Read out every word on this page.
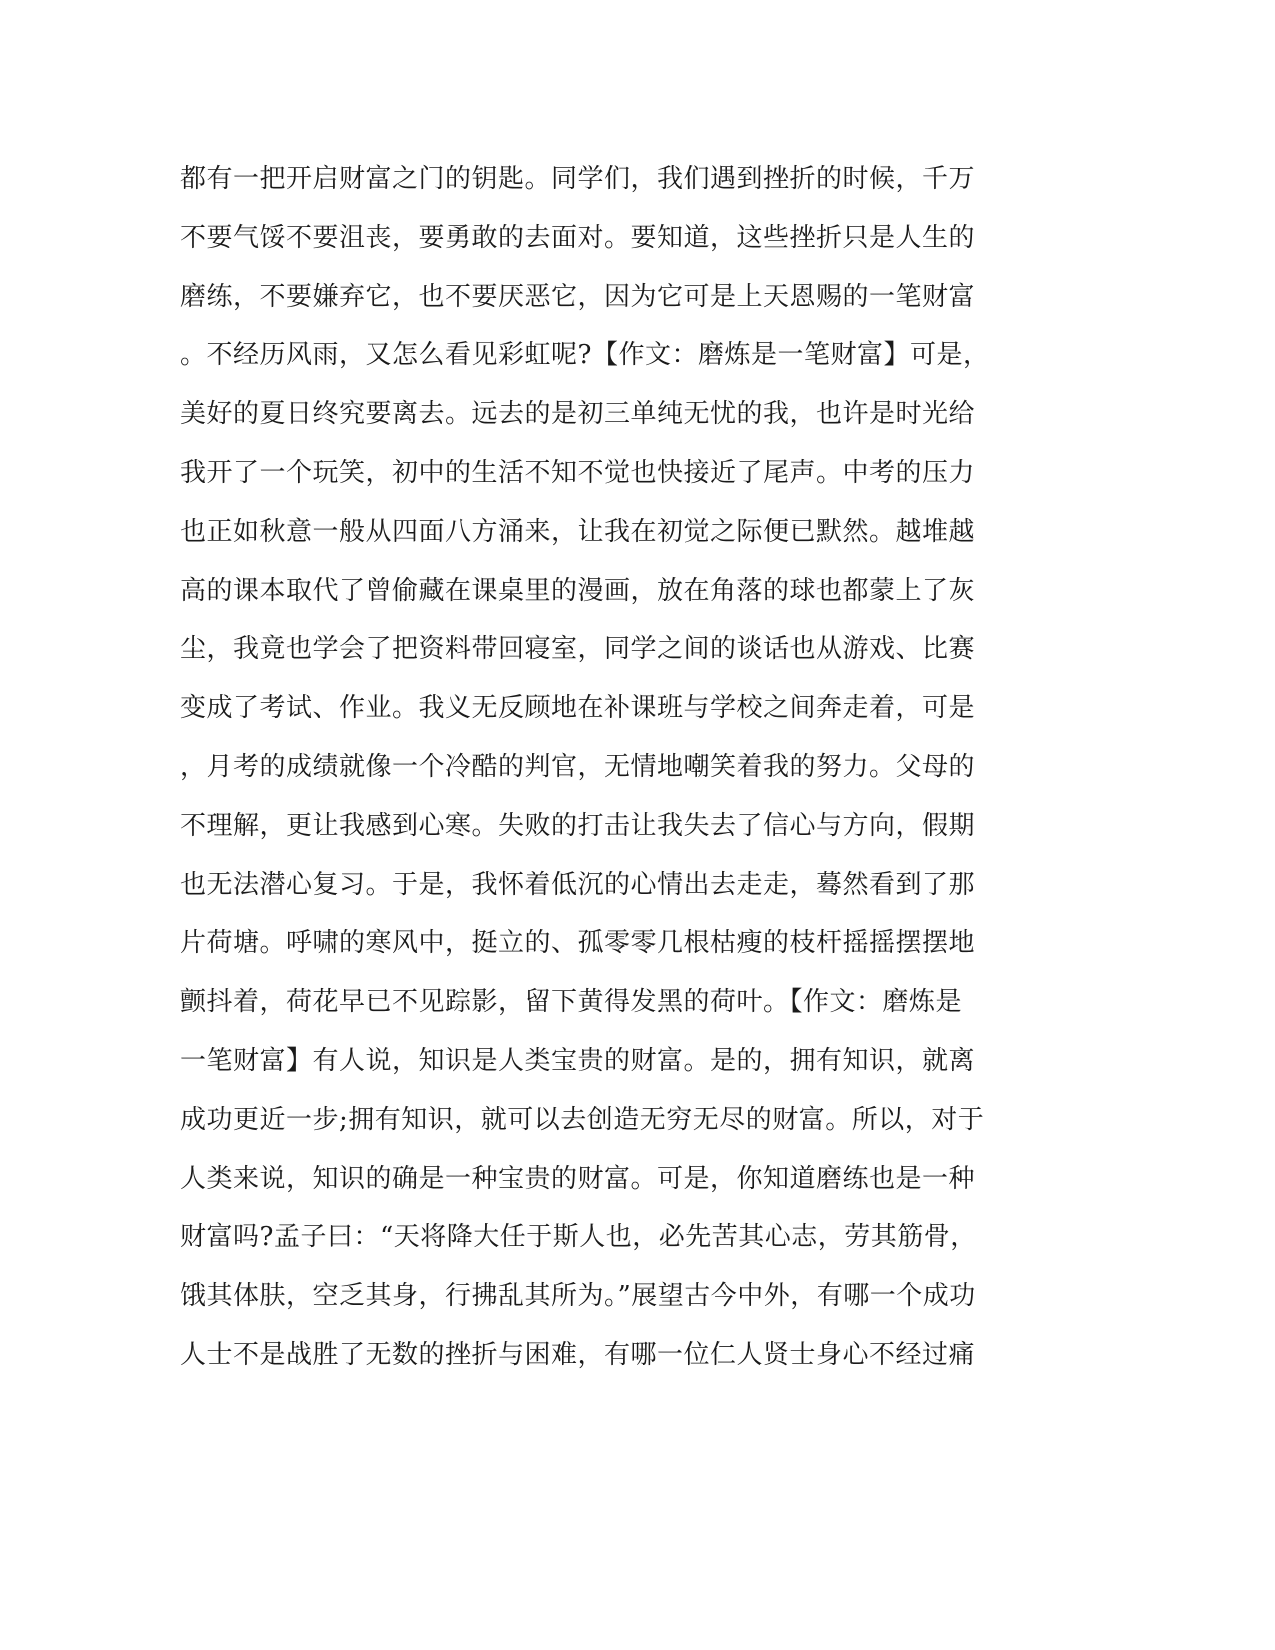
都有一把开启财富之门的钥匙。同学们，我们遇到挫折的时候，千万
不要气馁不要沮丧，要勇敢的去面对。要知道，这些挫折只是人生的
磨练，不要嫌弃它，也不要厌恶它，因为它可是上天恩赐的一笔财富
。不经历风雨，又怎么看见彩虹呢?【作文：磨炼是一笔财富】可是，
美好的夏日终究要离去。远去的是初三单纯无忧的我，也许是时光给
我开了一个玩笑，初中的生活不知不觉也快接近了尾声。中考的压力
也正如秋意一般从四面八方涌来，让我在初觉之际便已默然。越堆越
高的课本取代了曾偷藏在课桌里的漫画，放在角落的球也都蒙上了灰
尘，我竟也学会了把资料带回寝室，同学之间的谈话也从游戏、比赛
变成了考试、作业。我义无反顾地在补课班与学校之间奔走着，可是
，月考的成绩就像一个冷酷的判官，无情地嘲笑着我的努力。父母的
不理解，更让我感到心寒。失败的打击让我失去了信心与方向，假期
也无法潜心复习。于是，我怀着低沉的心情出去走走，蓦然看到了那
片荷塘。呼啸的寒风中，挺立的、孤零零几根枯瘦的枝杆摇摇摆摆地
颤抖着，荷花早已不见踪影，留下黄得发黑的荷叶。【作文：磨炼是
一笔财富】有人说，知识是人类宝贵的财富。是的，拥有知识，就离
成功更近一步;拥有知识，就可以去创造无穷无尽的财富。所以，对于
人类来说，知识的确是一种宝贵的财富。可是，你知道磨练也是一种
财富吗?孟子曰：“天将降大任于斯人也，必先苦其心志，劳其筋骨，
饿其体肤，空乏其身，行拂乱其所为。”展望古今中外，有哪一个成功
人士不是战胜了无数的挫折与困难，有哪一位仁人贤士身心不经过痛
